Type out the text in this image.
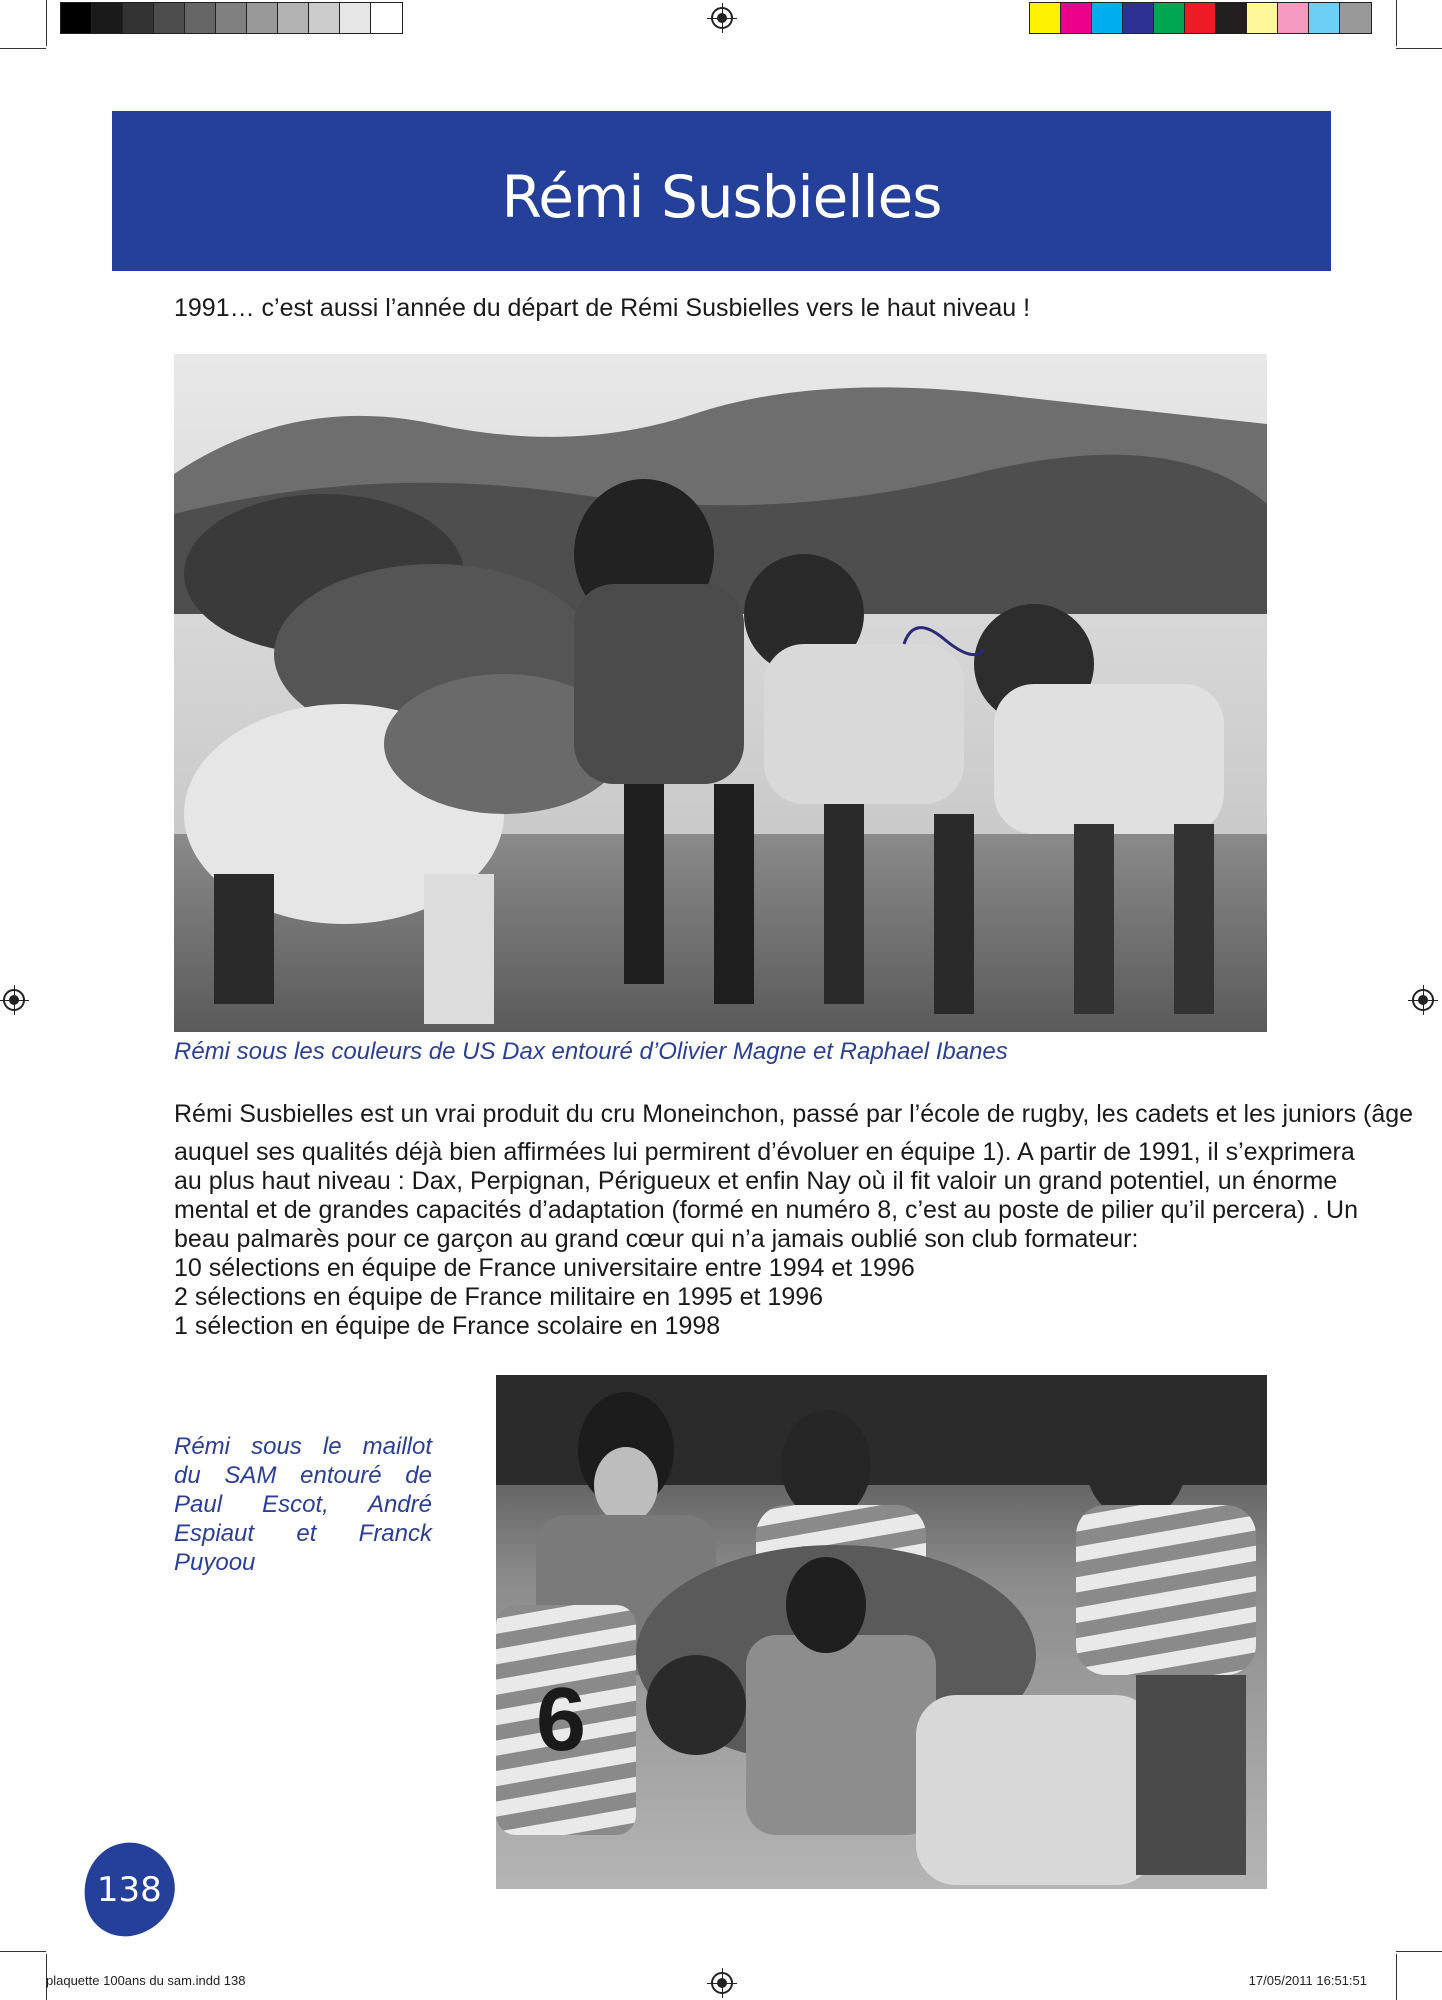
Rémi Susbielles
1991… c’est aussi l’année du départ de Rémi Susbielles vers le haut niveau !
Rémi sous les couleurs de US Dax entouré d’Olivier Magne et Raphael Ibanes

Rémi Susbielles est un vrai produit du cru Moneinchon, passé par l’école de rugby, les cadets et les juniors (âge

auquel ses qualités déjà bien affirmées lui permirent d’évoluer en équipe 1). A partir de 1991, il s’exprimera

au plus haut niveau : Dax, Perpignan, Périgueux et enfin Nay où il fit valoir un grand potentiel, un énorme

mental et de grandes capacités d’adaptation (formé en numéro 8, c’est au poste de pilier qu’il percera) . Un

beau palmarès pour ce garçon au grand cœur qui n’a jamais oublié son club formateur:

10 sélections en équipe de France universitaire entre 1994 et 1996

2 sélections en équipe de France militaire en 1995 et 1996

1 sélection en équipe de France scolaire en 1998

Rémi sous le maillot
du SAM entouré de
Paul Escot, André
Espiaut et Franck
Puyoou
6
138
plaquette 100ans du sam.indd 138	17/05/2011 16:51:51
